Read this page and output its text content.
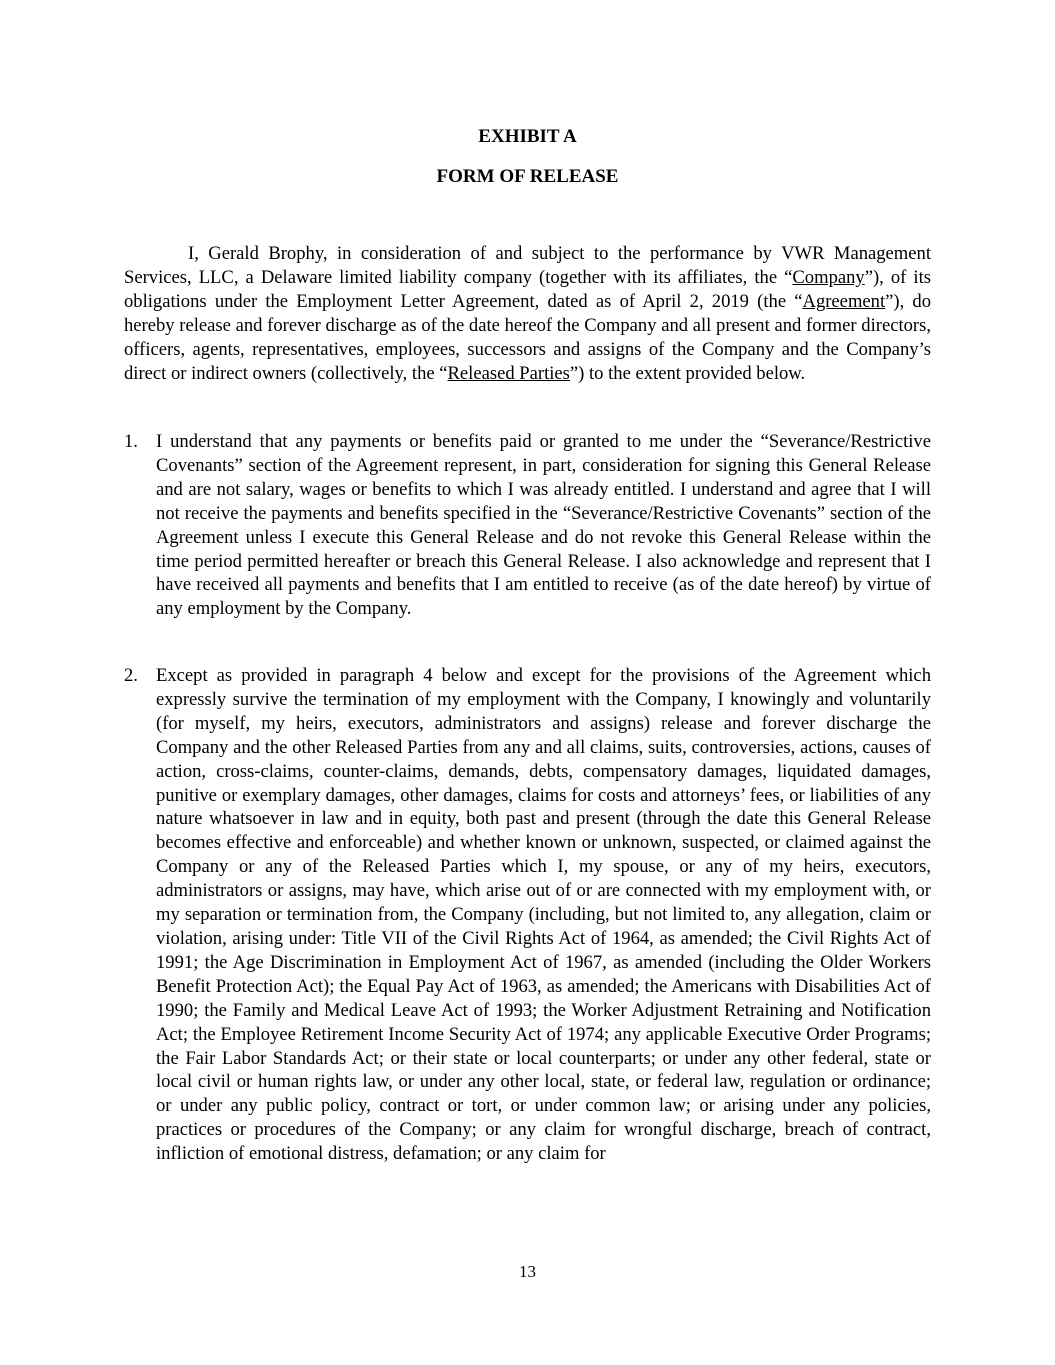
EXHIBIT A

FORM OF RELEASE

I, Gerald Brophy, in consideration of and subject to the performance by VWR Management Services, LLC, a Delaware limited liability company (together with its affiliates, the “Company”), of its obligations under the Employment Letter Agreement, dated as of April 2, 2019 (the “Agreement”), do hereby release and forever discharge as of the date hereof the Company and all present and former directors, officers, agents, representatives, employees, successors and assigns of the Company and the Company’s direct or indirect owners (collectively, the “Released Parties”) to the extent provided below.

1. I understand that any payments or benefits paid or granted to me under the “Severance/Restrictive Covenants” section of the Agreement represent, in part, consideration for signing this General Release and are not salary, wages or benefits to which I was already entitled. I understand and agree that I will not receive the payments and benefits specified in the “Severance/Restrictive Covenants” section of the Agreement unless I execute this General Release and do not revoke this General Release within the time period permitted hereafter or breach this General Release. I also acknowledge and represent that I have received all payments and benefits that I am entitled to receive (as of the date hereof) by virtue of any employment by the Company.

2. Except as provided in paragraph 4 below and except for the provisions of the Agreement which expressly survive the termination of my employment with the Company, I knowingly and voluntarily (for myself, my heirs, executors, administrators and assigns) release and forever discharge the Company and the other Released Parties from any and all claims, suits, controversies, actions, causes of action, cross-claims, counter-claims, demands, debts, compensatory damages, liquidated damages, punitive or exemplary damages, other damages, claims for costs and attorneys’ fees, or liabilities of any nature whatsoever in law and in equity, both past and present (through the date this General Release becomes effective and enforceable) and whether known or unknown, suspected, or claimed against the Company or any of the Released Parties which I, my spouse, or any of my heirs, executors, administrators or assigns, may have, which arise out of or are connected with my employment with, or my separation or termination from, the Company (including, but not limited to, any allegation, claim or violation, arising under: Title VII of the Civil Rights Act of 1964, as amended; the Civil Rights Act of 1991; the Age Discrimination in Employment Act of 1967, as amended (including the Older Workers Benefit Protection Act); the Equal Pay Act of 1963, as amended; the Americans with Disabilities Act of 1990; the Family and Medical Leave Act of 1993; the Worker Adjustment Retraining and Notification Act; the Employee Retirement Income Security Act of 1974; any applicable Executive Order Programs; the Fair Labor Standards Act; or their state or local counterparts; or under any other federal, state or local civil or human rights law, or under any other local, state, or federal law, regulation or ordinance; or under any public policy, contract or tort, or under common law; or arising under any policies, practices or procedures of the Company; or any claim for wrongful discharge, breach of contract, infliction of emotional distress, defamation; or any claim for

13
